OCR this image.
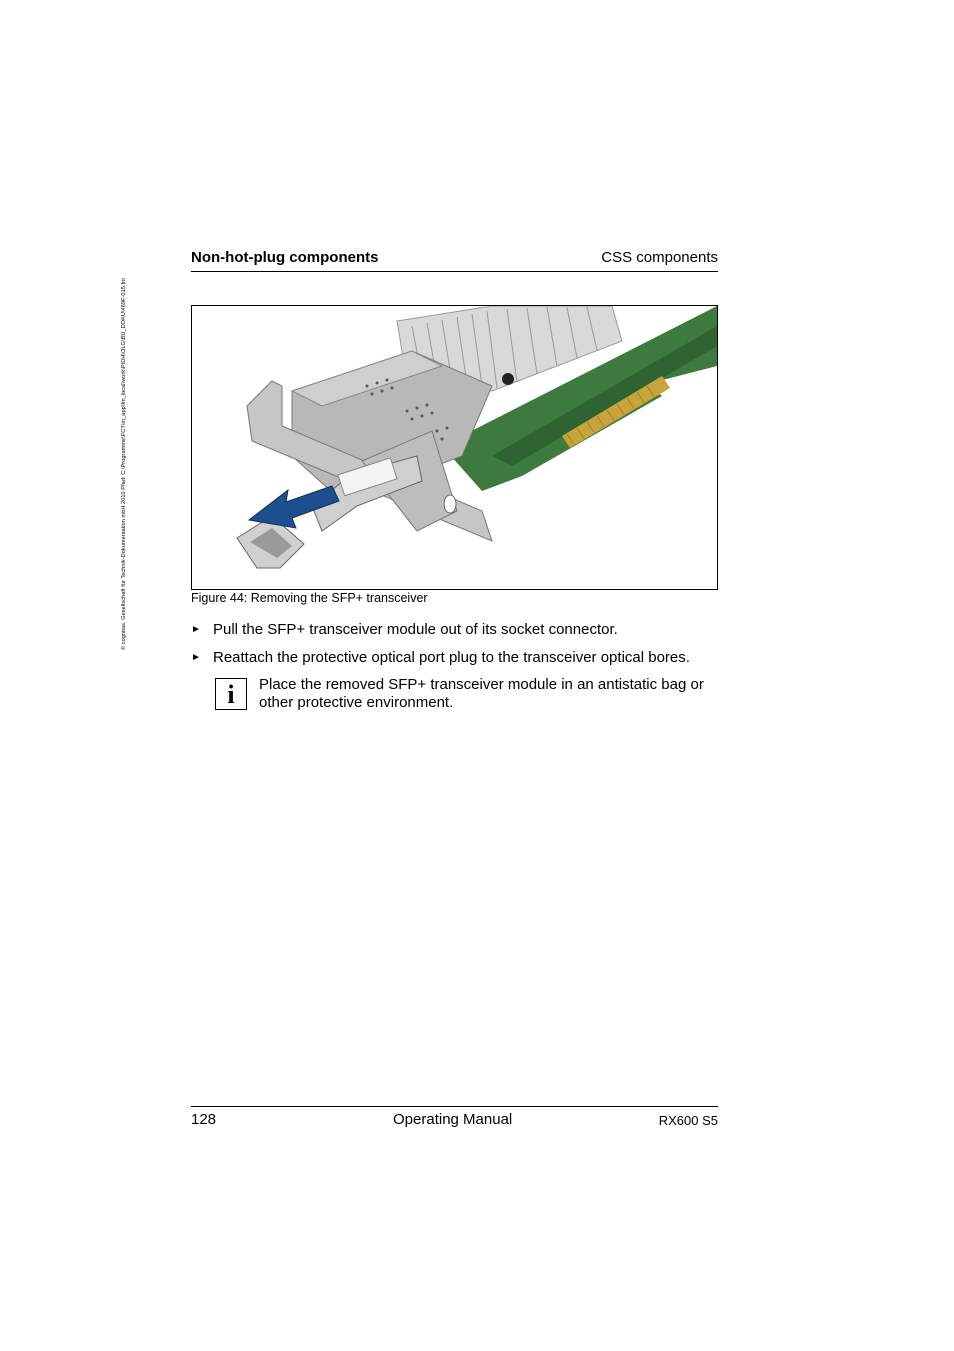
© cognitas. Gesellschaft für Technik-Dokumentation mbH 2010 Pfad: C:\Programme\FCT\m_app\fm_local\work\PIDH\OLG\BU_DOKU\469F-015.fm
Non-hot-plug components	CSS components
Figure 44: Removing the SFP+ transceiver
► Pull the SFP+ transceiver module out of its socket connector.
► Reattach the protective optical port plug to the transceiver optical bores.
i	Place the removed SFP+ transceiver module in an antistatic bag or other protective environment.
128	Operating Manual	RX600 S5
